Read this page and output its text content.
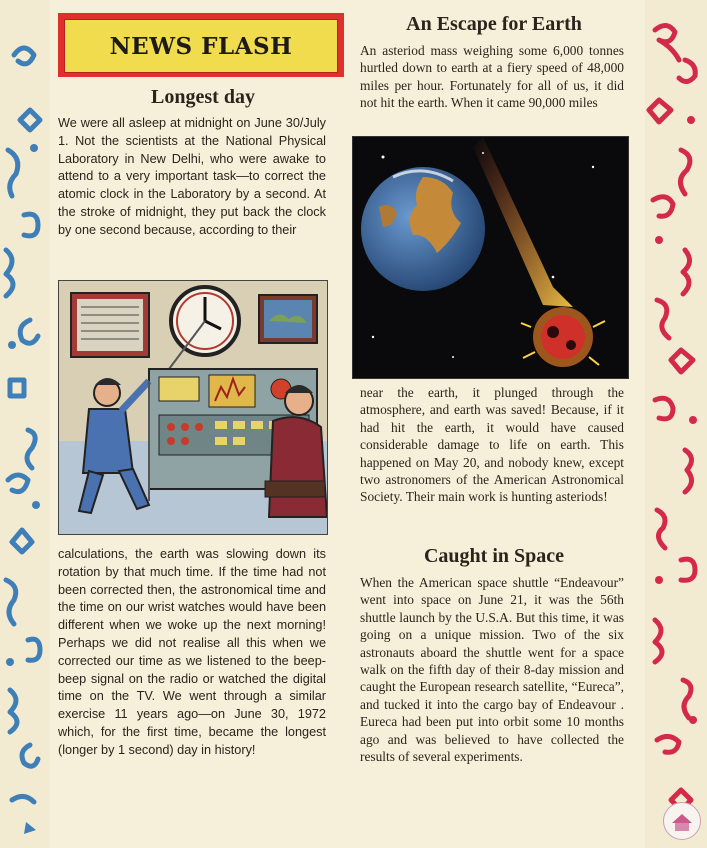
NEWS FLASH
Longest day

We were all asleep at midnight on June 30/July 1. Not the scientists at the National Physical Laboratory in New Delhi, who were awake to attend to a very important task—to correct the atomic clock in the Laboratory by a second. At the stroke of midnight, they put back the clock by one second because, according to their

calculations, the earth was slowing down its rotation by that much time. If the time had not been corrected then, the astronomical time and the time on our wrist watches would have been different when we woke up the next morning! Perhaps we did not realise all this when we corrected our time as we listened to the beep-beep signal on the radio or watched the digital time on the TV. We went through a similar exercise 11 years ago—on June 30, 1972 which, for the first time, became the longest (longer by 1 second) day in history!

An Escape for Earth

An asteriod mass weighing some 6,000 tonnes hurtled down to earth at a fiery speed of 48,000 miles per hour. Fortunately for all of us, it did not hit the earth. When it came 90,000 miles

near the earth, it plunged through the atmosphere, and earth was saved! Because, if it had hit the earth, it would have caused considerable damage to life on earth. This happened on May 20, and nobody knew, except two astronomers of the American Astronomical Society. Their main work is hunting asteriods!

Caught in Space

When the American space shuttle “Endeavour” went into space on June 21, it was the 56th shuttle launch by the U.S.A. But this time, it was going on a unique mission. Two of the six astronauts aboard the shuttle went for a space walk on the fifth day of their 8-day mission and caught the European research satellite, “Eureca”, and tucked it into the cargo bay of Endeavour . Eureca had been put into orbit some 10 months ago and was believed to have collected the results of several experiments.
